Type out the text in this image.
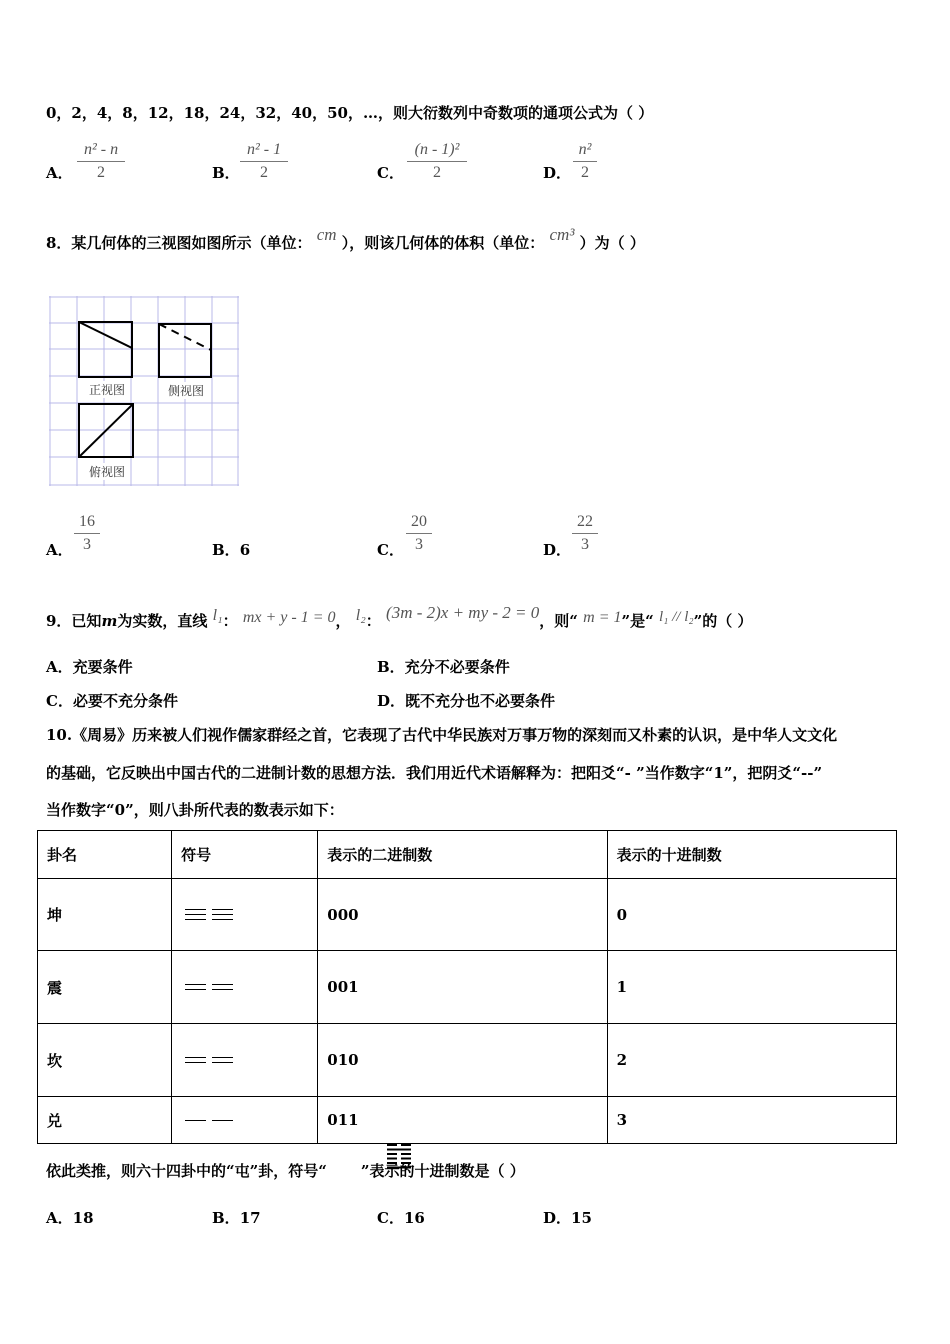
0，2，4，8，12，18，24，32，40，50，…，则大衍数列中奇数项的通项公式为（ ）
A．
n² - n
2	B．
n² - 1
2	C．
(n - 1)²
2	D．
n²
2
8．某几何体的三视图如图所示（单位： cm ），则该几何体的体积（单位： cm³ ）为（ ）
正视图	侧视图
俯视图
A．
16
3	B．6	C．
20
3	D．
22
3
9．已知m为实数，直线 l₁： mx + y - 1 = 0， l₂： (3m - 2)x + my - 2 = 0，则“ m = 1”是“ l₁ // l₂”的（ ）
A．充要条件	B．充分不必要条件
C．必要不充分条件	D．既不充分也不必要条件
10.《周易》历来被人们视作儒家群经之首，它表现了古代中华民族对万事万物的深刻而又朴素的认识，是中华人文文化
的基础，它反映出中国古代的二进制计数的思想方法．我们用近代术语解释为：把阳爻“- ”当作数字“1”，把阴爻“--”
当作数字“0”，则八卦所代表的数表示如下：
卦名	符号	表示的二进制数	表示的十进制数
坤		000	0
震		001	1
坎		010	2
兑		011	3
依此类推，则六十四卦中的“屯”卦，符号“ ”表示的十进制数是（ ）
A．18	B．17	C．16	D．15
